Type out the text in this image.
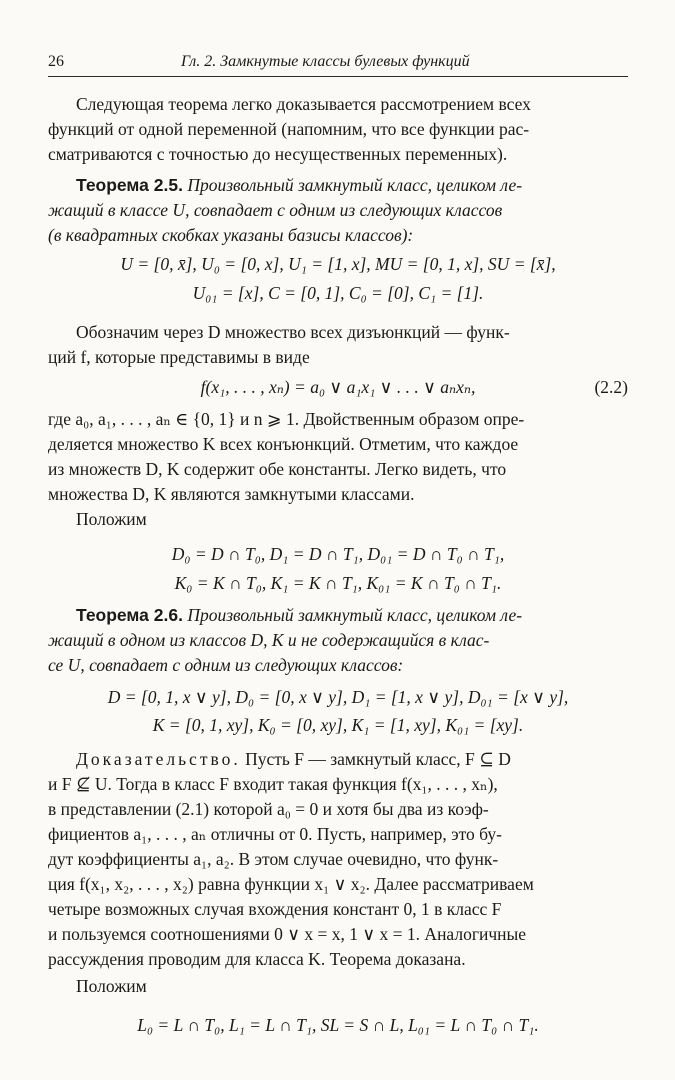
26	Гл. 2. Замкнутые классы булевых функций
Следующая теорема легко доказывается рассмотрением всех
функций от одной переменной (напомним, что все функции рас-
сматриваются с точностью до несущественных переменных).
Теорема 2.5. Произвольный замкнутый класс, целиком ле-
жащий в классе U, совпадает с одним из следующих классов
(в квадратных скобках указаны базисы классов):
U = [0, x̄], U₀ = [0, x], U₁ = [1, x], MU = [0, 1, x], SU = [x̄],
U₀₁ = [x], C = [0, 1], C₀ = [0], C₁ = [1].
Обозначим через D множество всех дизъюнкций — функ-
ций f, которые представимы в виде
f(x₁, . . . , xₙ) = a₀ ∨ a₁x₁ ∨ . . . ∨ aₙxₙ,	(2.2)
где a₀, a₁, . . . , aₙ ∈ {0, 1} и n ⩾ 1. Двойственным образом опре-
деляется множество K всех конъюнкций. Отметим, что каждое
из множеств D, K содержит обе константы. Легко видеть, что
множества D, K являются замкнутыми классами.
Положим
D₀ = D ∩ T₀, D₁ = D ∩ T₁, D₀₁ = D ∩ T₀ ∩ T₁,
K₀ = K ∩ T₀, K₁ = K ∩ T₁, K₀₁ = K ∩ T₀ ∩ T₁.
Теорема 2.6. Произвольный замкнутый класс, целиком ле-
жащий в одном из классов D, K и не содержащийся в клас-
се U, совпадает с одним из следующих классов:
D = [0, 1, x ∨ y], D₀ = [0, x ∨ y], D₁ = [1, x ∨ y], D₀₁ = [x ∨ y],
K = [0, 1, xy], K₀ = [0, xy], K₁ = [1, xy], K₀₁ = [xy].
Доказательство. Пусть F — замкнутый класс, F ⊆ D
и F ⊈ U. Тогда в класс F входит такая функция f(x₁, . . . , xₙ),
в представлении (2.1) которой a₀ = 0 и хотя бы два из коэф-
фициентов a₁, . . . , aₙ отличны от 0. Пусть, например, это бу-
дут коэффициенты a₁, a₂. В этом случае очевидно, что функ-
ция f(x₁, x₂, . . . , x₂) равна функции x₁ ∨ x₂. Далее рассматриваем
четыре возможных случая вхождения констант 0, 1 в класс F
и пользуемся соотношениями 0 ∨ x = x, 1 ∨ x = 1. Аналогичные
рассуждения проводим для класса K. Теорема доказана.
Положим
L₀ = L ∩ T₀, L₁ = L ∩ T₁, SL = S ∩ L, L₀₁ = L ∩ T₀ ∩ T₁.
